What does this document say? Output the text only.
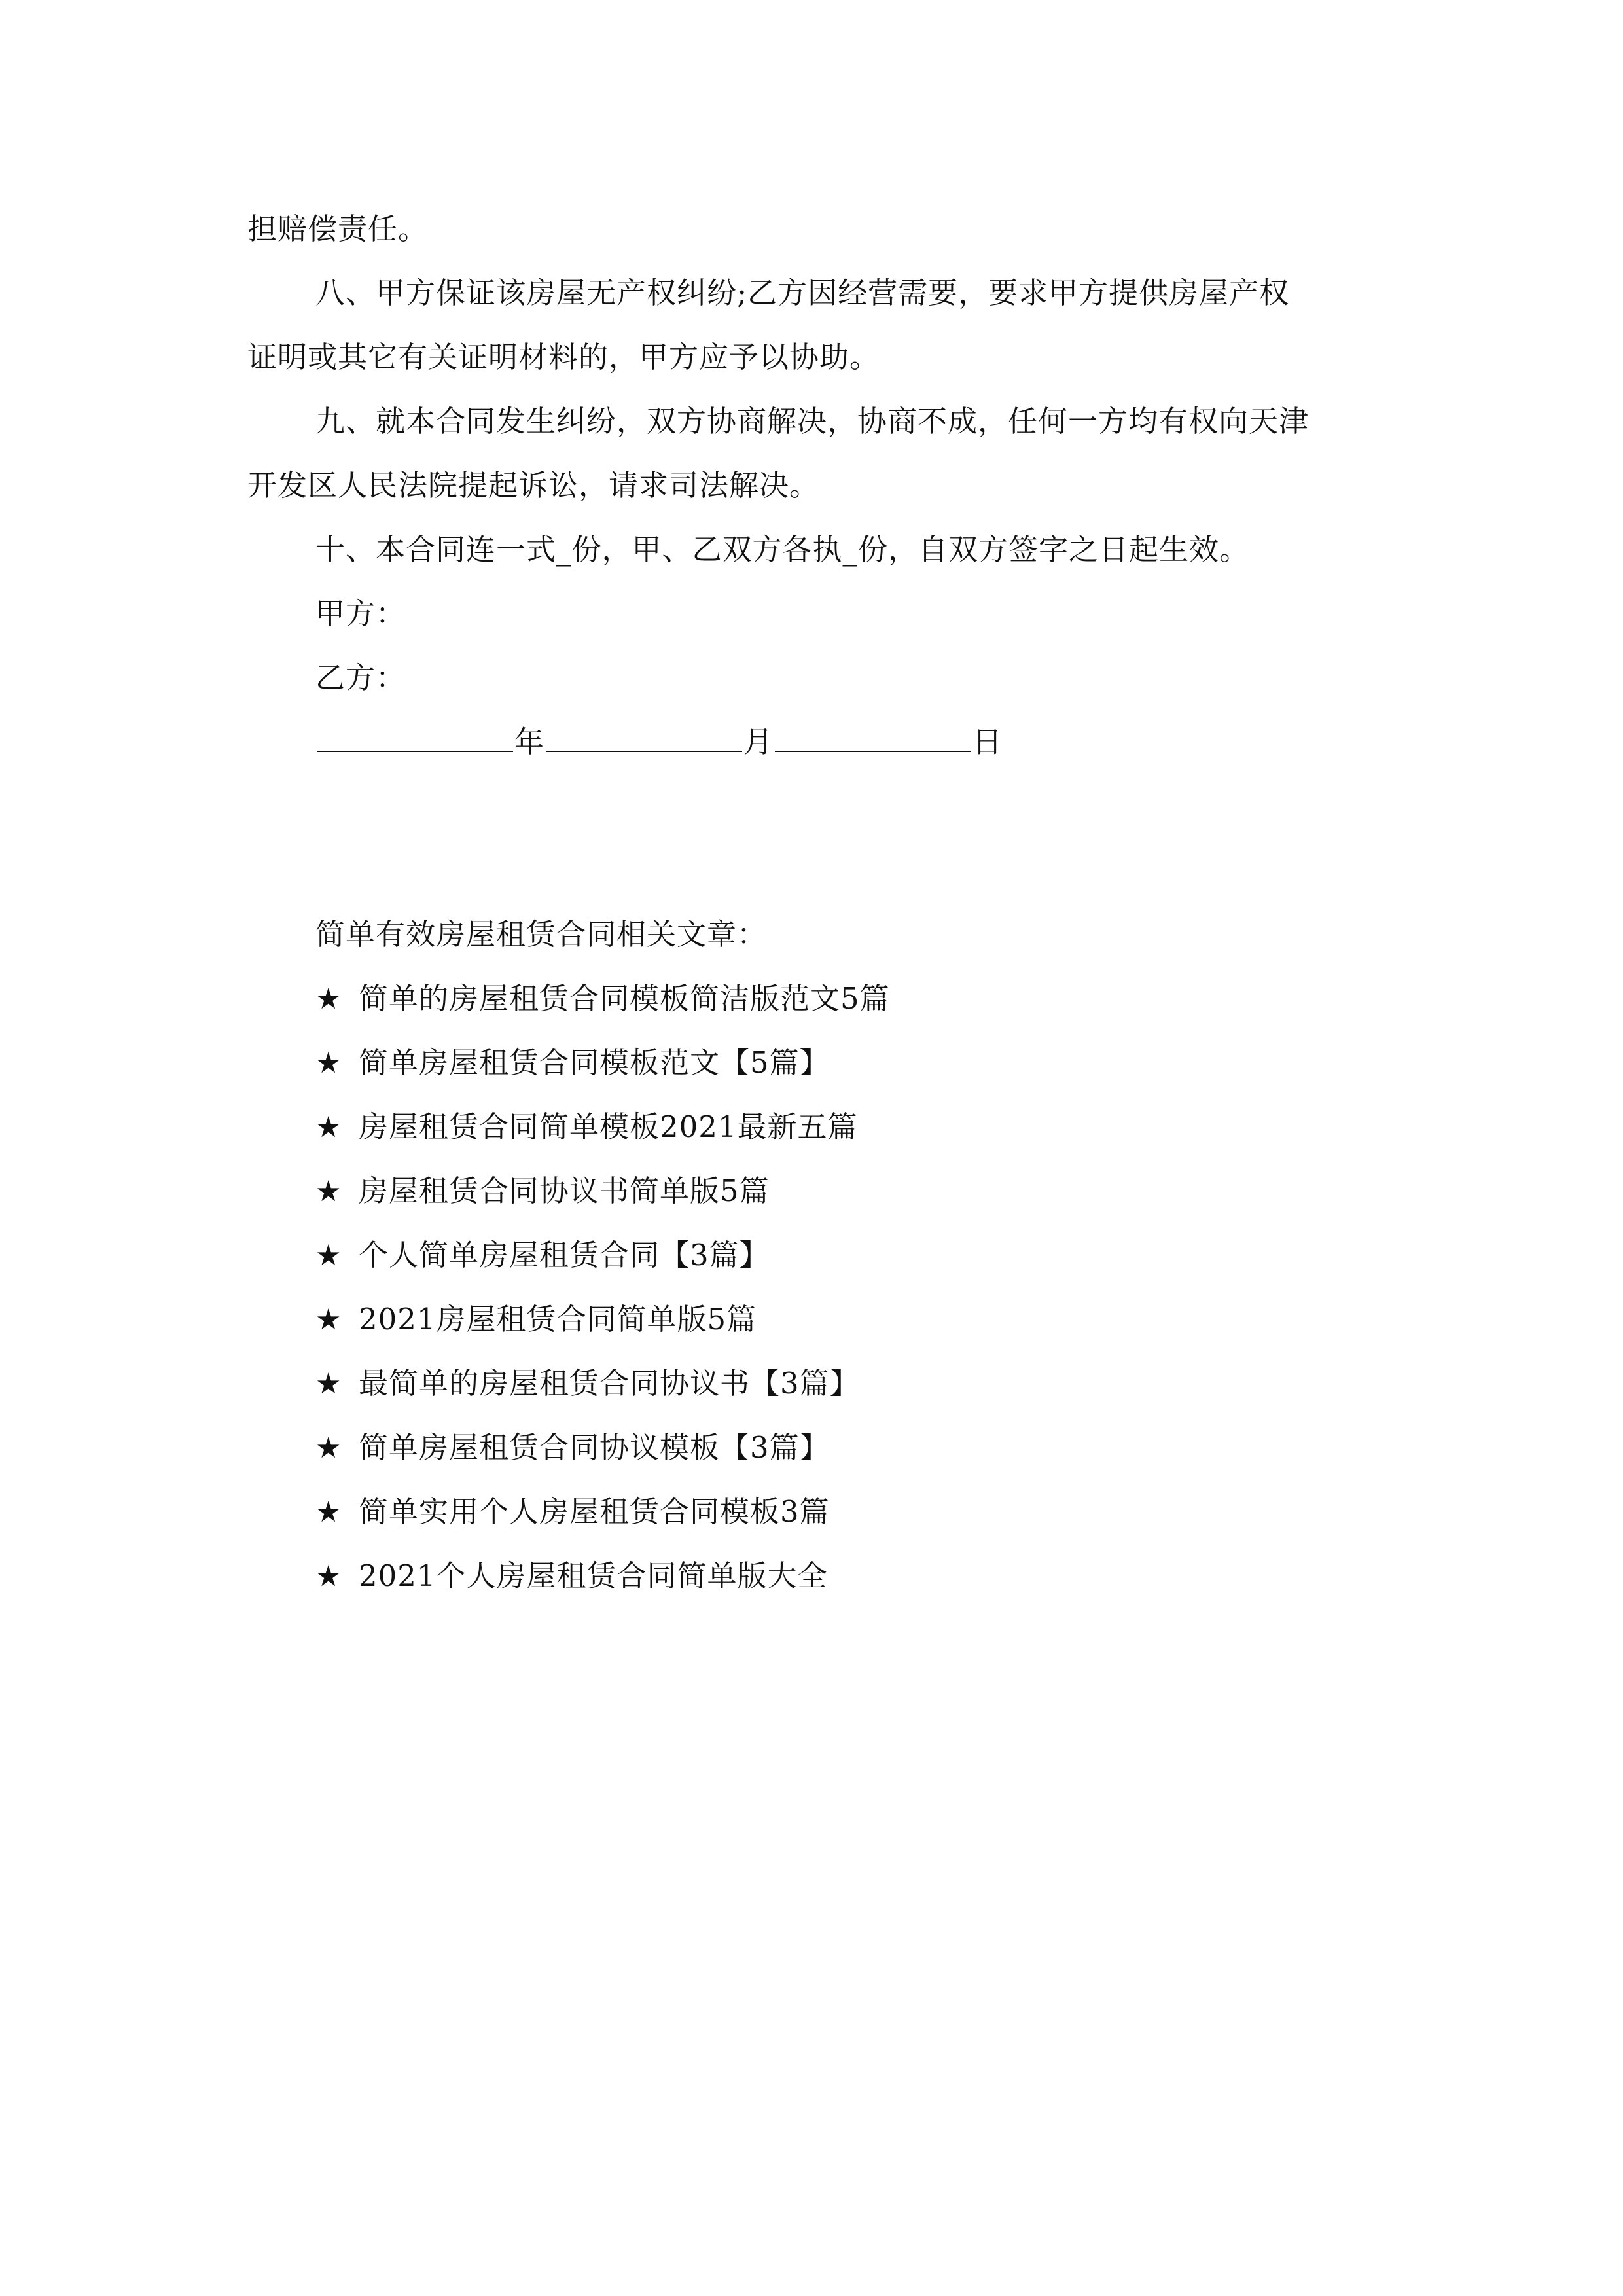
担赔偿责任。
八、甲方保证该房屋无产权纠纷;乙方因经营需要，要求甲方提供房屋产权
证明或其它有关证明材料的，甲方应予以协助。
九、就本合同发生纠纷，双方协商解决，协商不成，任何一方均有权向天津
开发区人民法院提起诉讼，请求司法解决。
十、本合同连一式_份，甲、乙双方各执_份，自双方签字之日起生效。
甲方：
乙方：
年	月	日
简单有效房屋租赁合同相关文章：
★ 简单的房屋租赁合同模板简洁版范文5篇
★ 简单房屋租赁合同模板范文【5篇】
★ 房屋租赁合同简单模板2021最新五篇
★ 房屋租赁合同协议书简单版5篇
★ 个人简单房屋租赁合同【3篇】
★ 2021房屋租赁合同简单版5篇
★ 最简单的房屋租赁合同协议书【3篇】
★ 简单房屋租赁合同协议模板【3篇】
★ 简单实用个人房屋租赁合同模板3篇
★ 2021个人房屋租赁合同简单版大全
